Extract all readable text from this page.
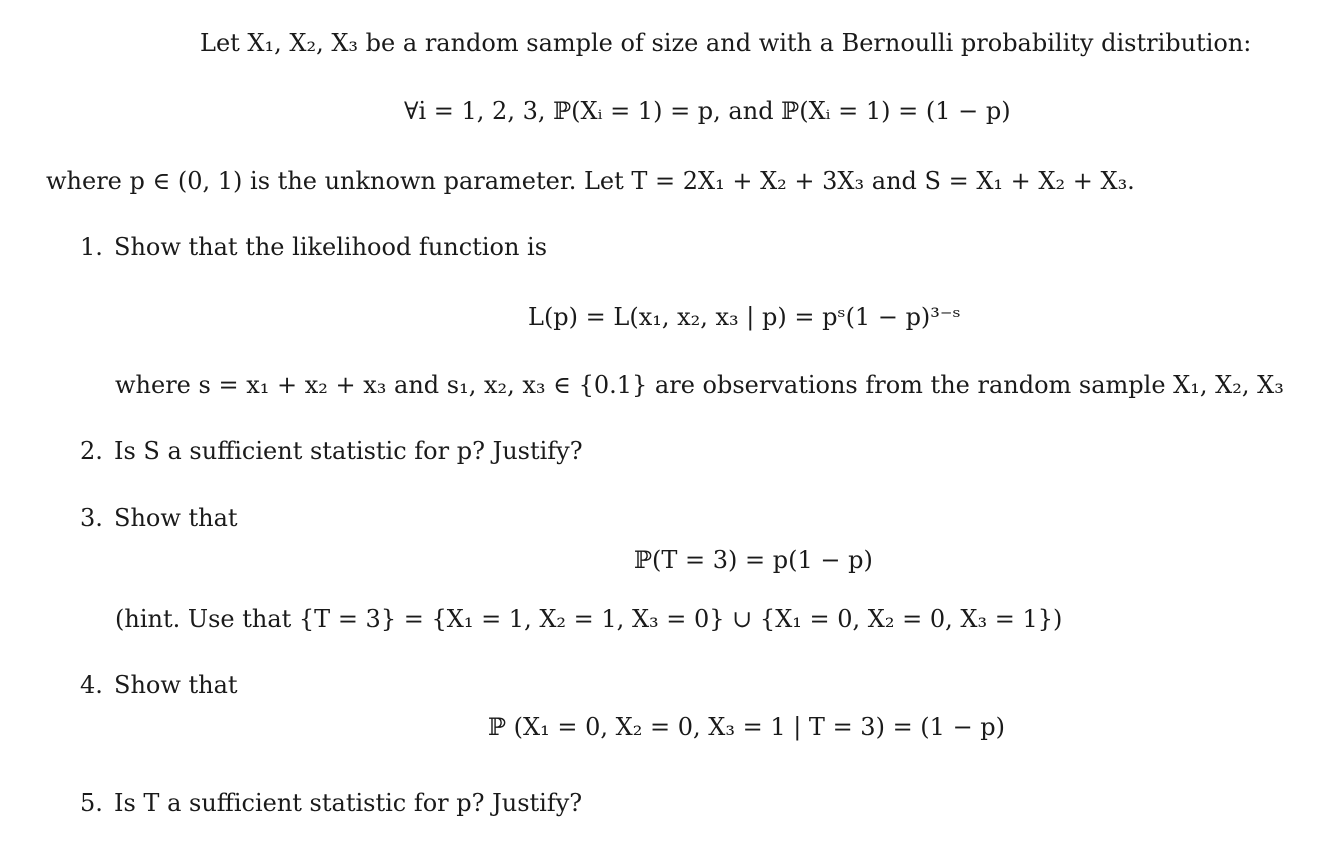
Let X₁, X₂, X₃ be a random sample of size and with a Bernoulli probability distribution:
∀i = 1, 2, 3, ℙ(Xᵢ = 1) = p, and ℙ(Xᵢ = 1) = (1 − p)
where p ∈ (0, 1) is the unknown parameter. Let T = 2X₁ + X₂ + 3X₃ and S = X₁ + X₂ + X₃.
1. Show that the likelihood function is
L(p) = L(x₁, x₂, x₃ | p) = pˢ(1 − p)³⁻ˢ
where s = x₁ + x₂ + x₃ and s₁, x₂, x₃ ∈ {0.1} are observations from the random sample X₁, X₂, X₃
2. Is S a sufficient statistic for p? Justify?
3. Show that
ℙ(T = 3) = p(1 − p)
(hint. Use that {T = 3} = {X₁ = 1, X₂ = 1, X₃ = 0} ∪ {X₁ = 0, X₂ = 0, X₃ = 1})
4. Show that
ℙ (X₁ = 0, X₂ = 0, X₃ = 1 | T = 3) = (1 − p)
5. Is T a sufficient statistic for p? Justify?
